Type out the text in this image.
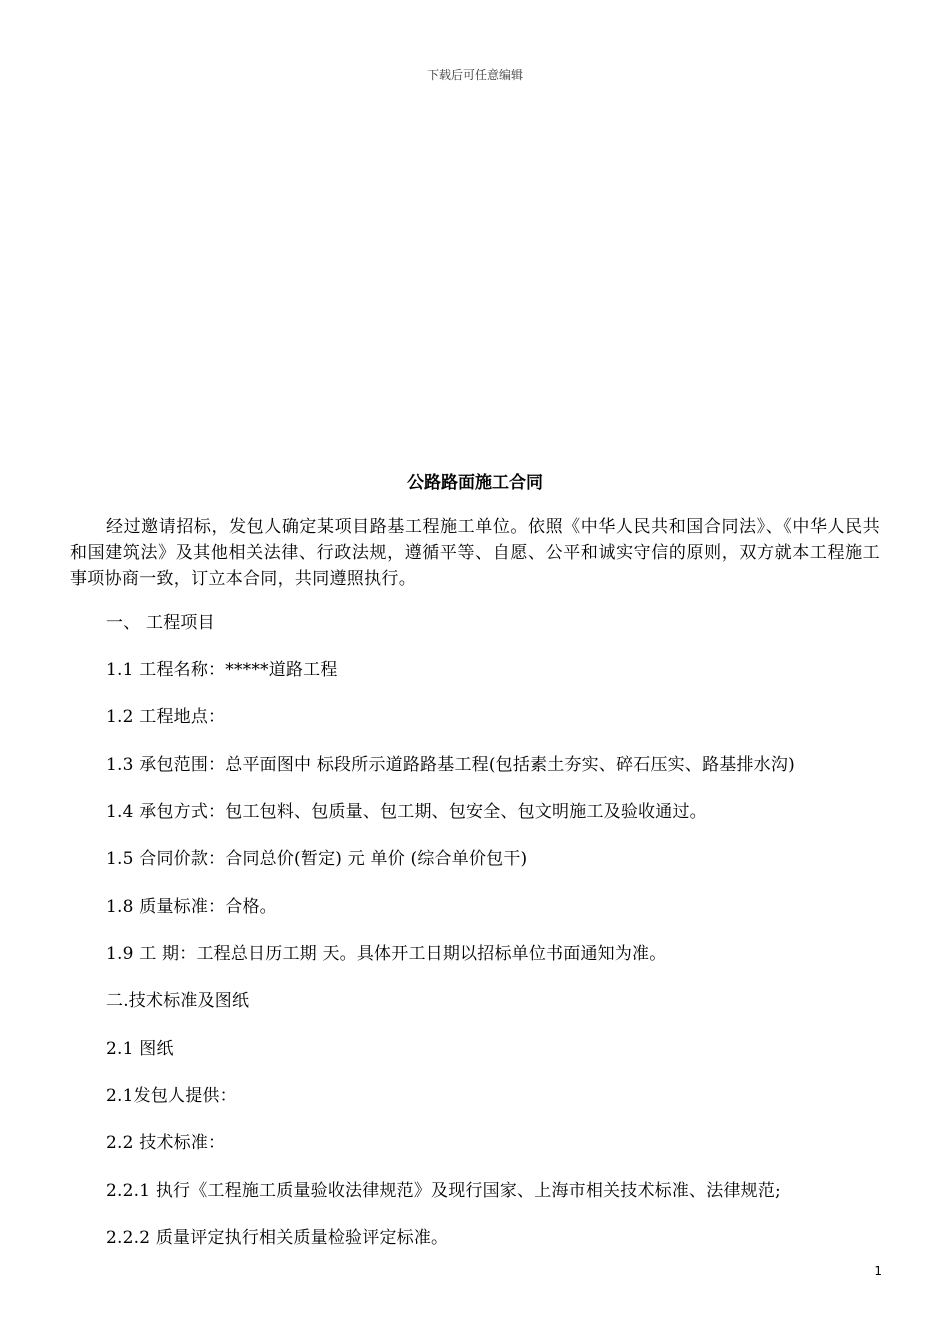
下载后可任意编辑
公路路面施工合同
经过邀请招标，发包人确定某项目路基工程施工单位。依照《中华人民共和国合同法》、《中华人民共和国建筑法》及其他相关法律、行政法规，遵循平等、自愿、公平和诚实守信的原则，双方就本工程施工事项协商一致，订立本合同，共同遵照执行。
一、 工程项目
1.1 工程名称：*****道路工程
1.2 工程地点：
1.3 承包范围：总平面图中 标段所示道路路基工程(包括素土夯实、碎石压实、路基排水沟)
1.4 承包方式：包工包料、包质量、包工期、包安全、包文明施工及验收通过。
1.5 合同价款：合同总价(暂定) 元 单价 (综合单价包干)
1.8 质量标准：合格。
1.9 工 期：工程总日历工期 天。具体开工日期以招标单位书面通知为准。
二.技术标准及图纸
2.1 图纸
2.1发包人提供：
2.2 技术标准：
2.2.1 执行《工程施工质量验收法律规范》及现行国家、上海市相关技术标准、法律规范;
2.2.2 质量评定执行相关质量检验评定标准。
1
